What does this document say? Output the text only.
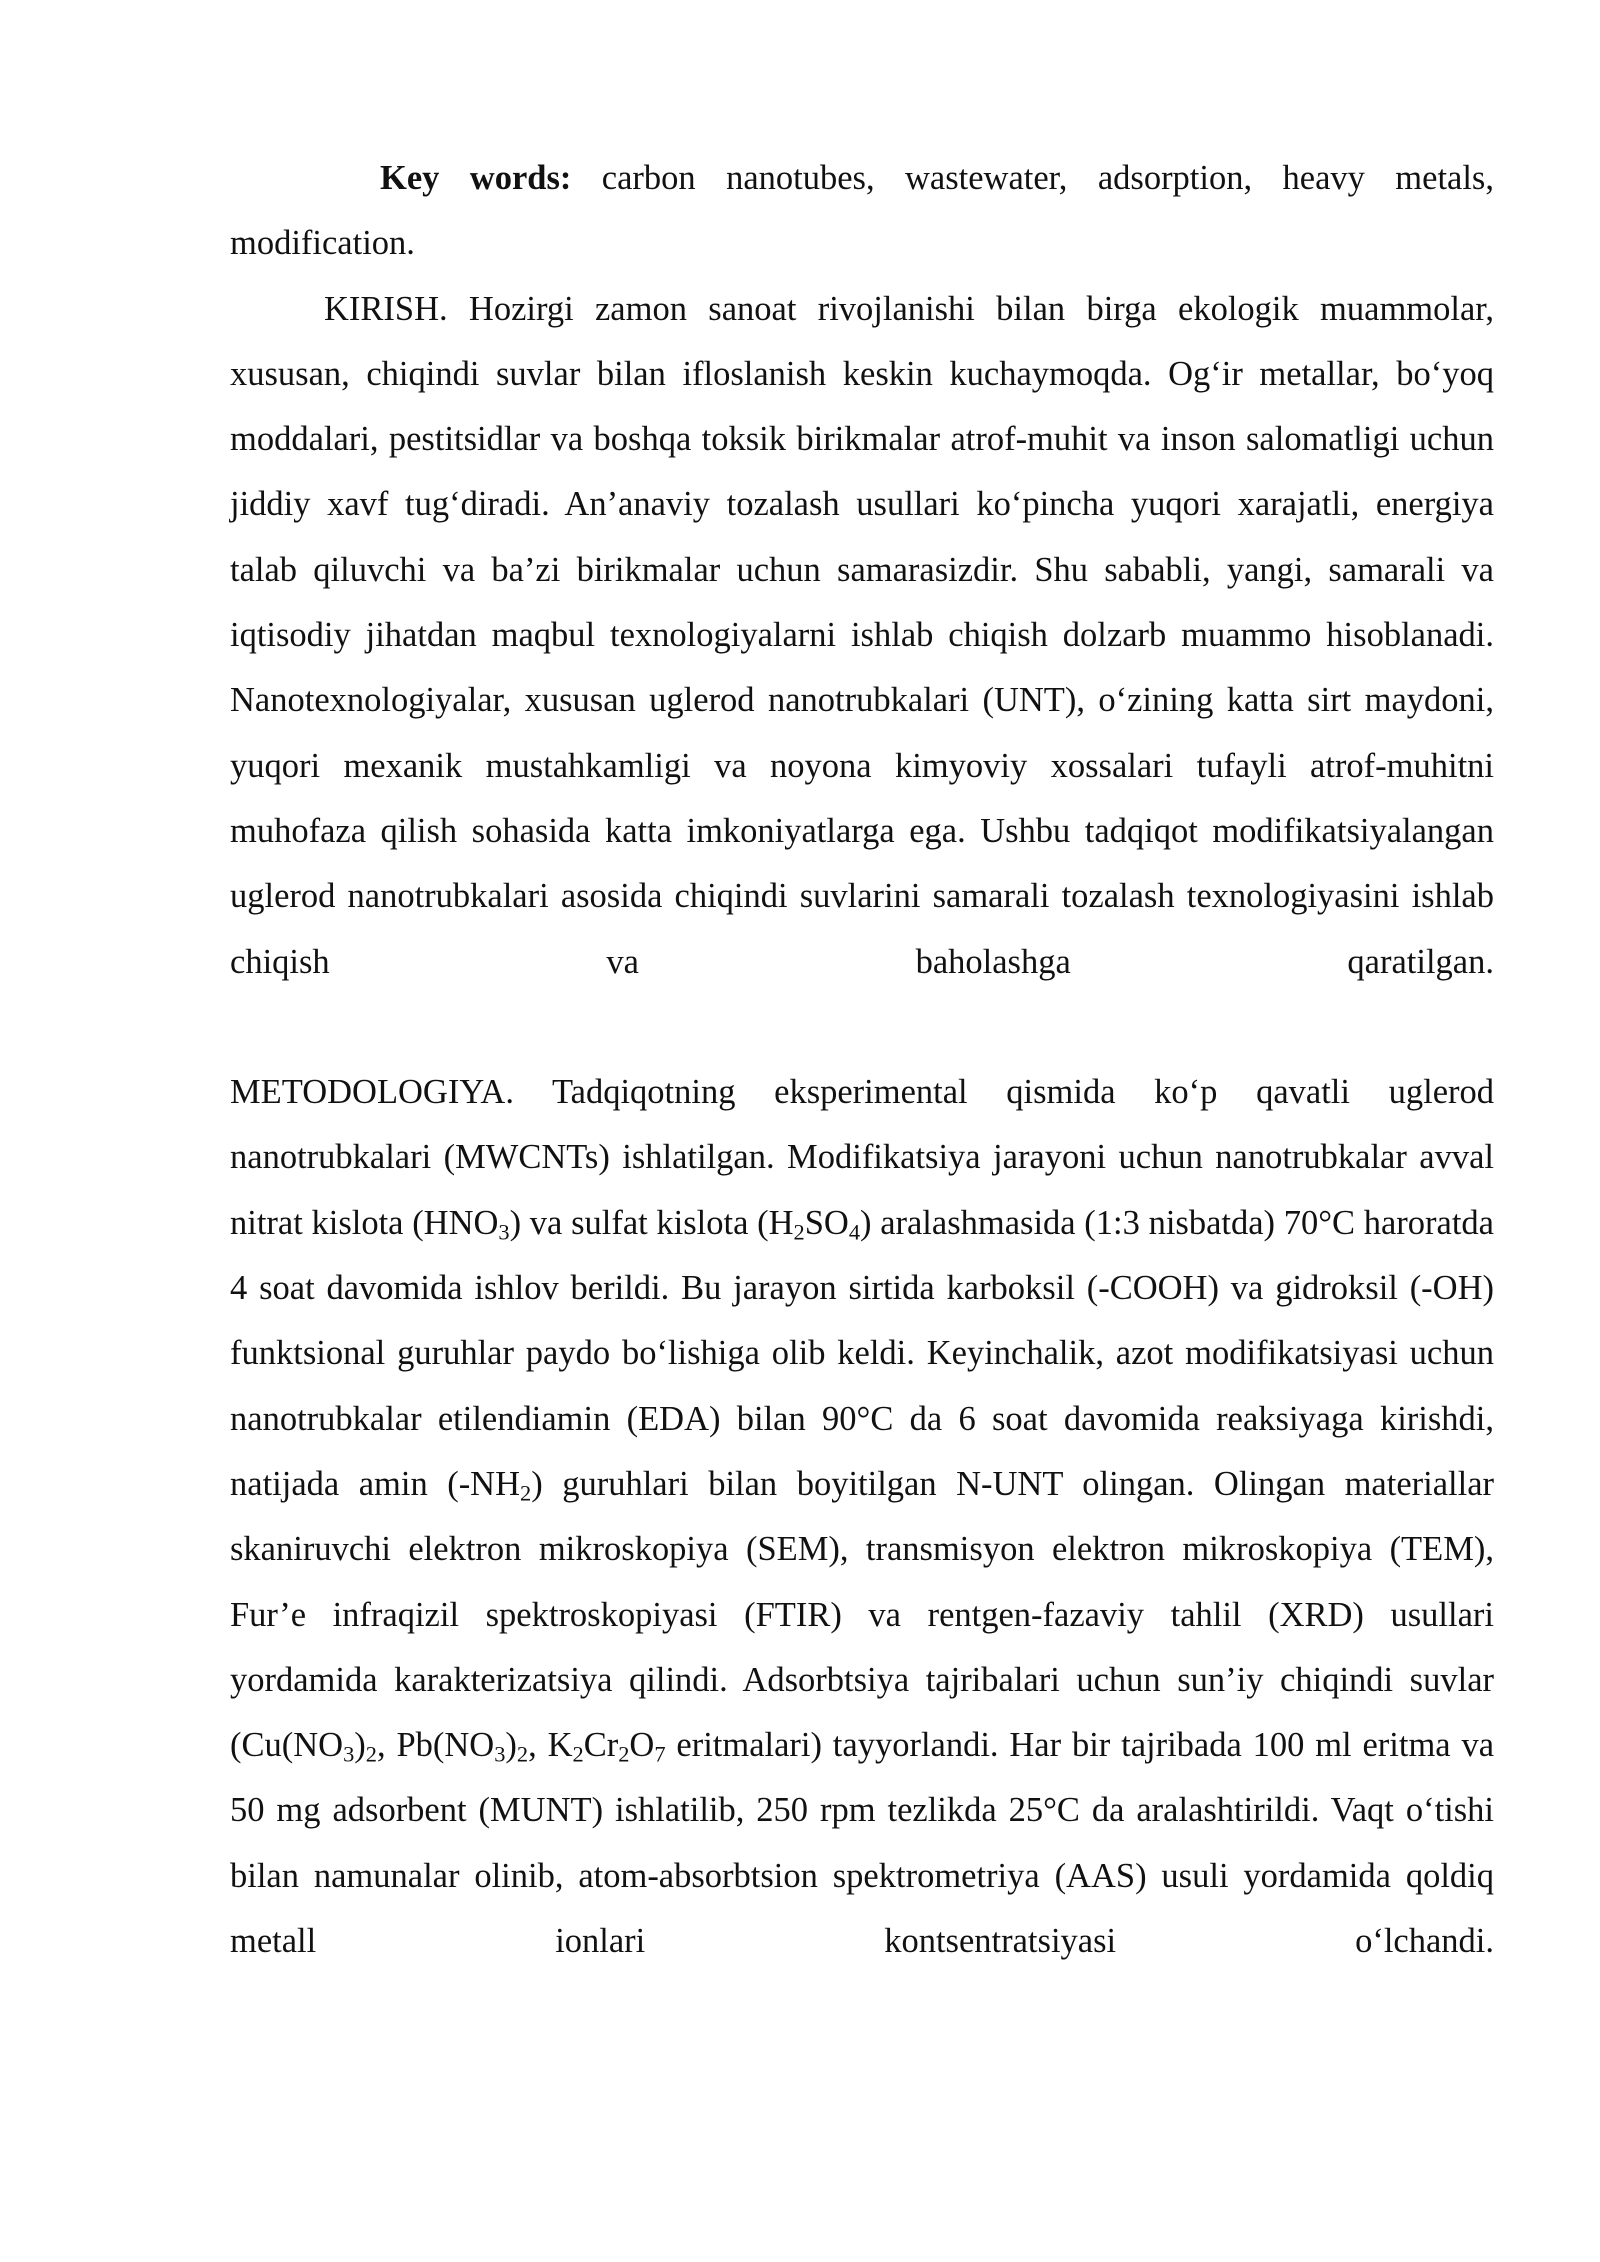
Key words: carbon nanotubes, wastewater, adsorption, heavy metals, modification.

KIRISH. Hozirgi zamon sanoat rivojlanishi bilan birga ekologik muammolar, xususan, chiqindi suvlar bilan ifloslanish keskin kuchaymoqda. Og‘ir metallar, bo‘yoq moddalari, pestitsidlar va boshqa toksik birikmalar atrof-muhit va inson salomatligi uchun jiddiy xavf tug‘diradi. An’anaviy tozalash usullari ko‘pincha yuqori xarajatli, energiya talab qiluvchi va ba’zi birikmalar uchun samarasizdir. Shu sababli, yangi, samarali va iqtisodiy jihatdan maqbul texnologiyalarni ishlab chiqish dolzarb muammo hisoblanadi. Nanotexnologiyalar, xususan uglerod nanotrubkalari (UNT), o‘zining katta sirt maydoni, yuqori mexanik mustahkamligi va noyona kimyoviy xossalari tufayli atrof-muhitni muhofaza qilish sohasida katta imkoniyatlarga ega. Ushbu tadqiqot modifikatsiyalangan uglerod nanotrubkalari asosida chiqindi suvlarini samarali tozalash texnologiyasini ishlab chiqish va baholashga qaratilgan.

METODOLOGIYA. Tadqiqotning eksperimental qismida ko‘p qavatli uglerod nanotrubkalari (MWCNTs) ishlatilgan. Modifikatsiya jarayoni uchun nanotrubkalar avval nitrat kislota $(HNO_3)$ va sulfat kislota $(H_2SO_4)$ aralashmasida (1:3 nisbatda) 70°C haroratda 4 soat davomida ishlov berildi. Bu jarayon sirtida karboksil (-COOH) va gidroksil (-OH) funktsional guruhlar paydo bo‘lishiga olib keldi. Keyinchalik, azot modifikatsiyasi uchun nanotrubkalar etilendiamin (EDA) bilan 90°C da 6 soat davomida reaksiyaga kirishdi, natijada amin $(-NH_2)$ guruhlari bilan boyitilgan N-UNT olingan. Olingan materiallar skaniruvchi elektron mikroskopiya (SEM), transmisyon elektron mikroskopiya (TEM), Fur’e infraqizil spektroskopiyasi (FTIR) va rentgen-fazaviy tahlil (XRD) usullari yordamida karakterizatsiya qilindi. Adsorbtsiya tajribalari uchun sun’iy chiqindi suvlar ($Cu(NO_3)_2$, $Pb(NO_3)_2$, $K_2Cr_2O_7$ eritmalari) tayyorlandi. Har bir tajribada 100 ml eritma va 50 mg adsorbent (MUNT) ishlatilib, 250 rpm tezlikda 25°C da aralashtirildi. Vaqt o‘tishi bilan namunalar olinib, atom-absorbtsion spektrometriya (AAS) usuli yordamida qoldiq metall ionlari kontsentratsiyasi o‘lchandi.
